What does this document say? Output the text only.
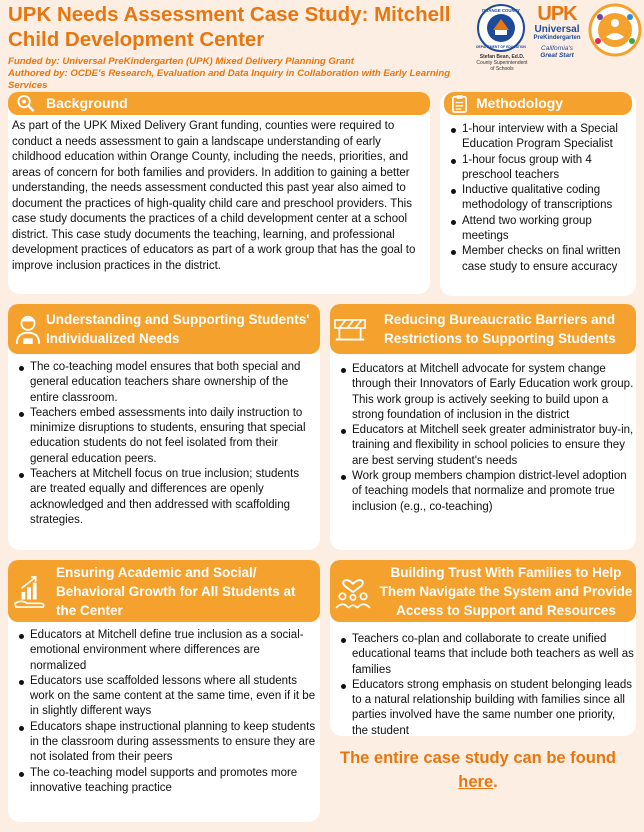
UPK Needs Assessment Case Study: Mitchell
Child Development Center
Funded by: Universal PreKindergarten (UPK) Mixed Delivery Planning Grant
Authored by: OCDE's Research, Evaluation and Data Inquiry in Collaboration with Early Learning Services
ORANGE COUNTY
DEPARTMENT OF EDUCATION
Stefan Bean, Ed.D.
County Superintendent of Schools
UPK
Universal
PreKindergarten
California's
Great Start
Background
As part of the UPK Mixed Delivery Grant funding, counties were required to conduct a needs assessment to gain a landscape understanding of early childhood education within Orange County, including the needs, priorities, and areas of concern for both families and providers. In addition to gaining a better understanding, the needs assessment conducted this past year also aimed to document the practices of high-quality child care and preschool providers. This case study documents the practices of a child development center at a school district. This case study documents the teaching, learning, and professional development practices of educators as part of a work group that has the goal to improve inclusion practices in the district.
Methodology
1-hour interview with a Special Education Program Specialist
1-hour focus group with 4 preschool teachers
Inductive qualitative coding methodology of transcriptions
Attend two working group meetings
Member checks on final written case study to ensure accuracy
Understanding and Supporting Students'
Individualized Needs
The co-teaching model ensures that both special and general education teachers share ownership of the entire classroom.
Teachers embed assessments into daily instruction to minimize disruptions to students, ensuring that special education students do not feel isolated from their general education peers.
Teachers at Mitchell focus on true inclusion; students are treated equally and differences are openly acknowledged and then addressed with scaffolding strategies.
Reducing Bureaucratic Barriers and
Restrictions to Supporting Students
Educators at Mitchell advocate for system change through their Innovators of Early Education work group. This work group is actively seeking to build upon a strong foundation of inclusion in the district
Educators at Mitchell seek greater administrator buy-in, training and flexibility in school policies to ensure they are best serving student's needs
Work group members champion district-level adoption of teaching models that normalize and promote true inclusion (e.g., co-teaching)
Ensuring Academic and Social/
Behavioral Growth for All Students at
the Center
Educators at Mitchell define true inclusion as a social-emotional environment where differences are normalized
Educators use scaffolded lessons where all students work on the same content at the same time, even if it be in slightly different ways
Educators shape instructional planning to keep students in the classroom during assessments to ensure they are not isolated from their peers
The co-teaching model supports and promotes more innovative teaching practice
Building Trust With Families to Help
Them Navigate the System and Provide
Access to Support and Resources
Teachers co-plan and collaborate to create unified educational teams that include both teachers as well as families
Educators strong emphasis on student belonging leads to a natural relationship building with families since all parties involved have the same number one priority, the student
The entire case study can be found
here.
